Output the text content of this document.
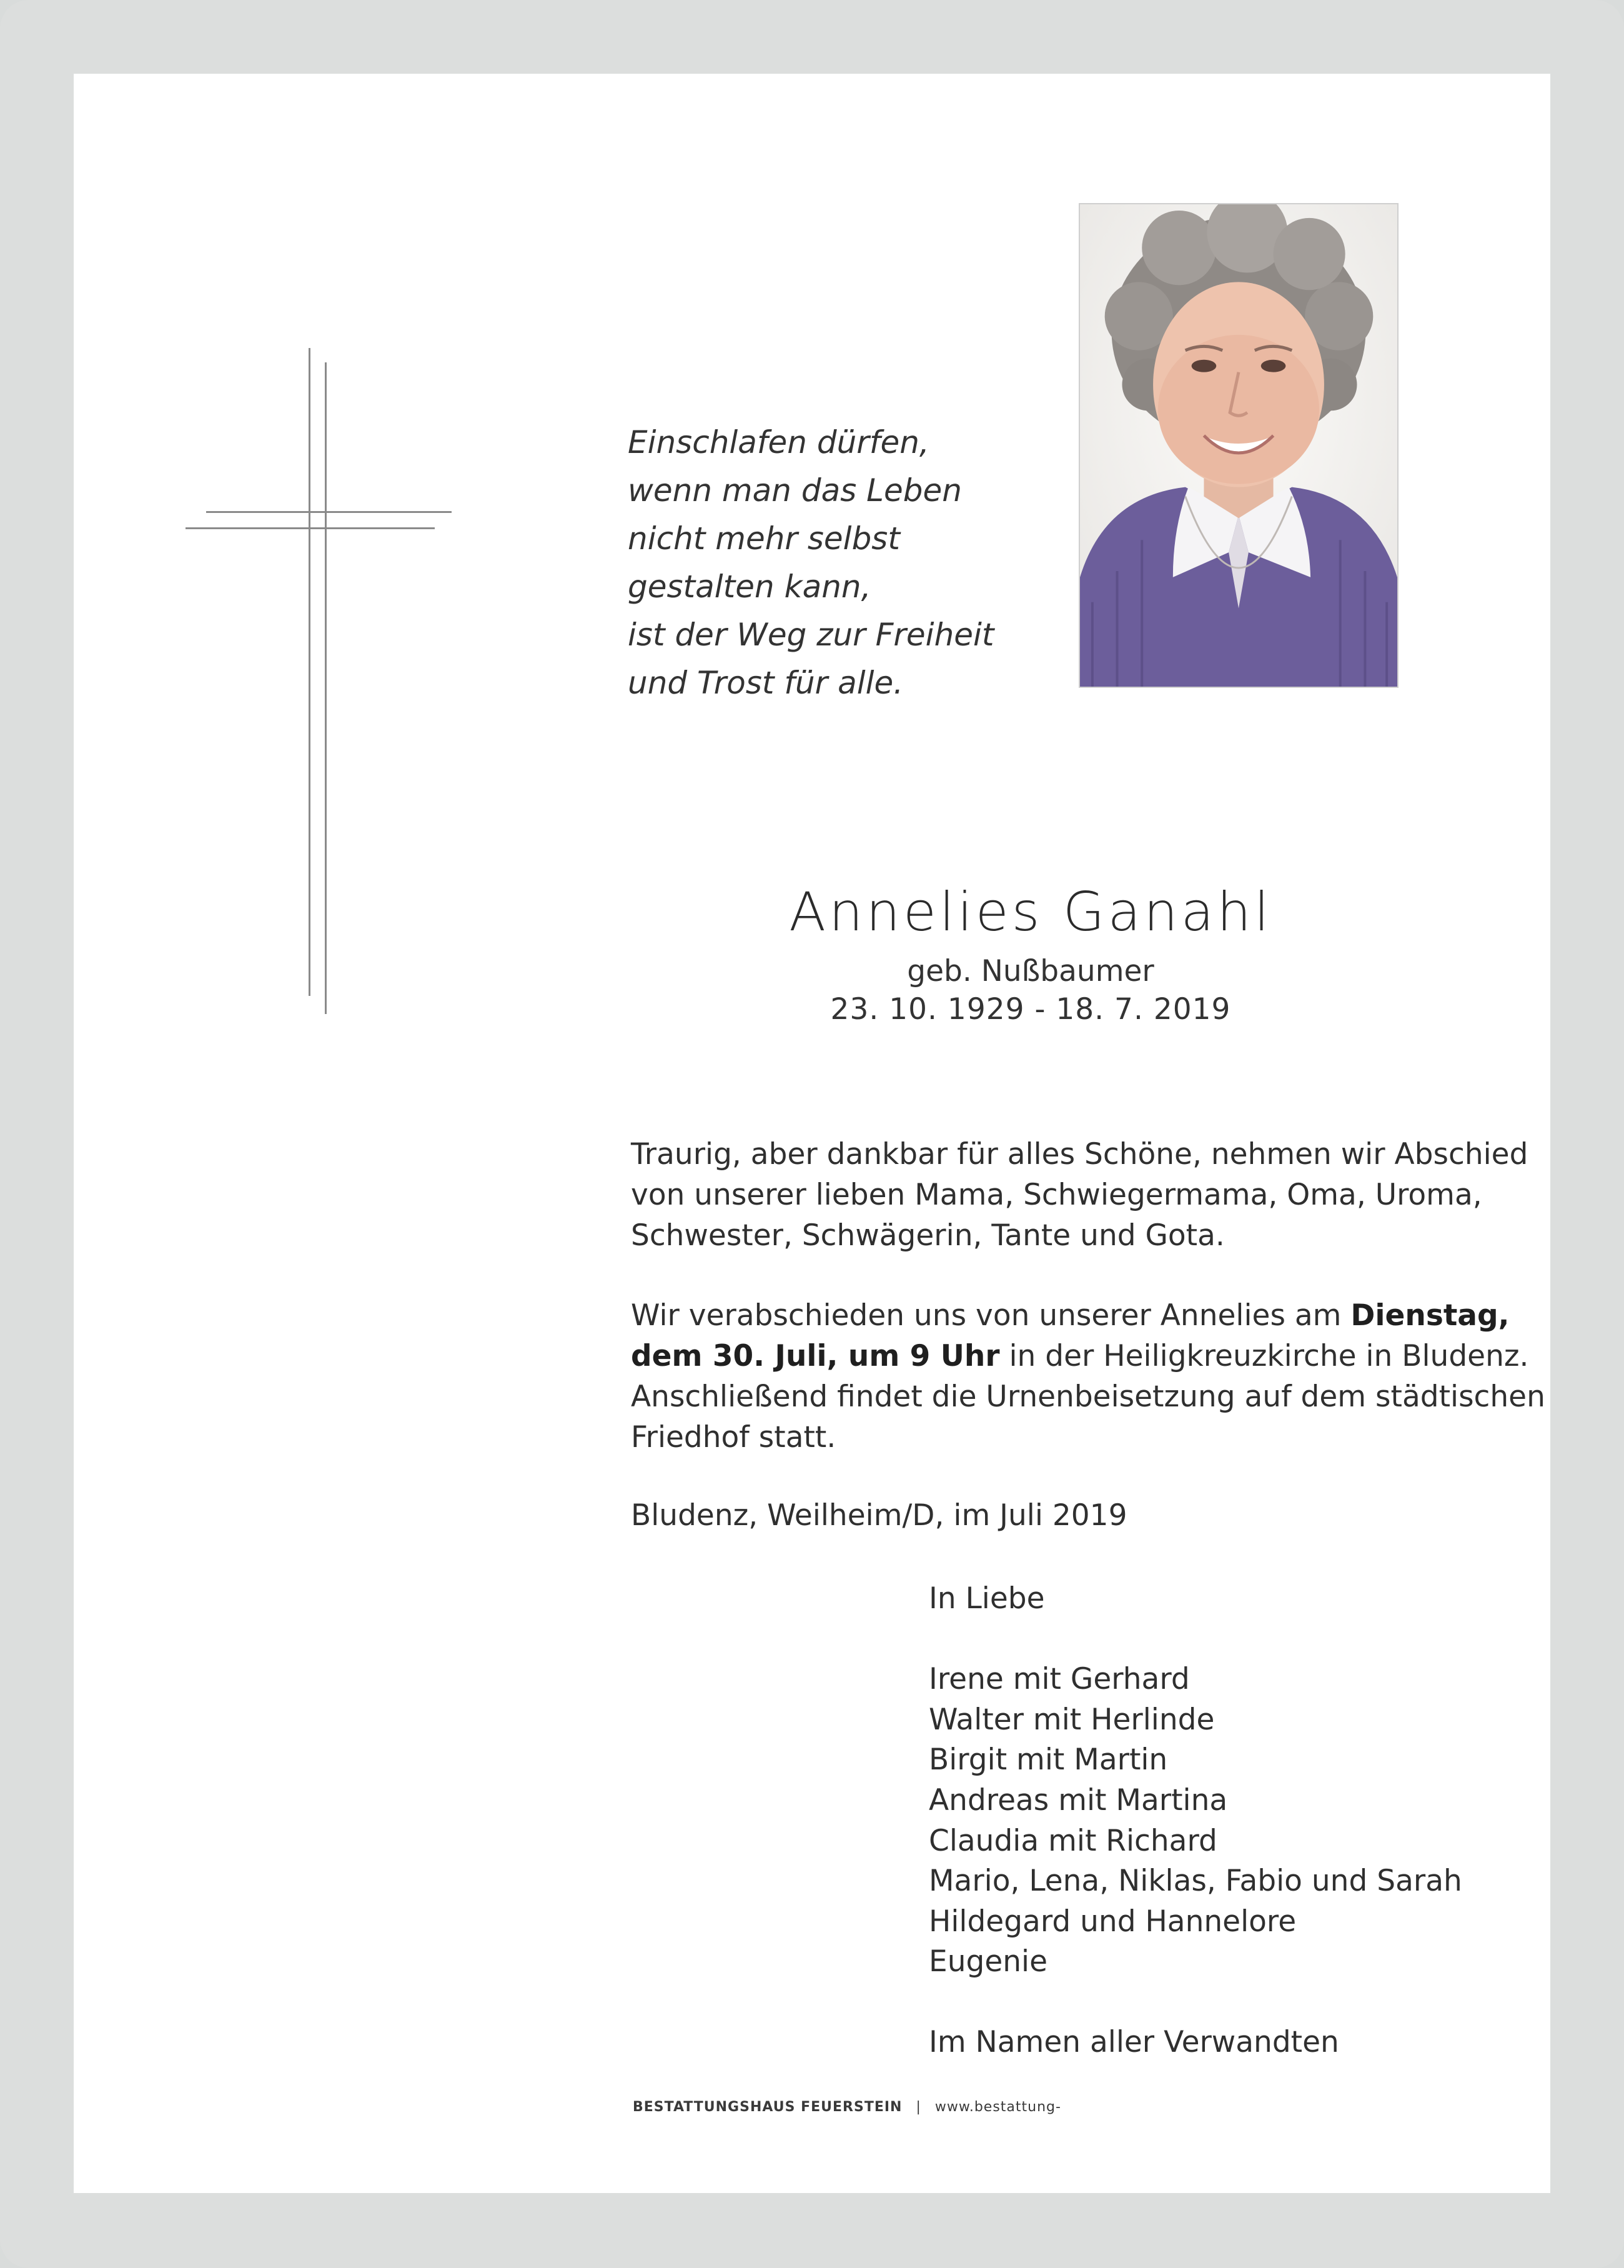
Einschlafen dürfen,
wenn man das Leben
nicht mehr selbst
gestalten kann,
ist der Weg zur Freiheit
und Trost für alle.
Annelies Ganahl
geb. Nußbaumer
23. 10. 1929 - 18. 7. 2019
Traurig, aber dankbar für alles Schöne, nehmen wir Abschied
von unserer lieben Mama, Schwiegermama, Oma, Uroma,
Schwester, Schwägerin, Tante und Gota.
Wir verabschieden uns von unserer Annelies am Dienstag,
dem 30. Juli, um 9 Uhr in der Heiligkreuzkirche in Bludenz.
Anschließend findet die Urnenbeisetzung auf dem städtischen
Friedhof statt.
Bludenz, Weilheim/D, im Juli 2019
In Liebe
Irene mit Gerhard
Walter mit Herlinde
Birgit mit Martin
Andreas mit Martina
Claudia mit Richard
Mario, Lena, Niklas, Fabio und Sarah
Hildegard und Hannelore
Eugenie
Im Namen aller Verwandten
BESTATTUNGSHAUS FEUERSTEIN | www.bestattung-
